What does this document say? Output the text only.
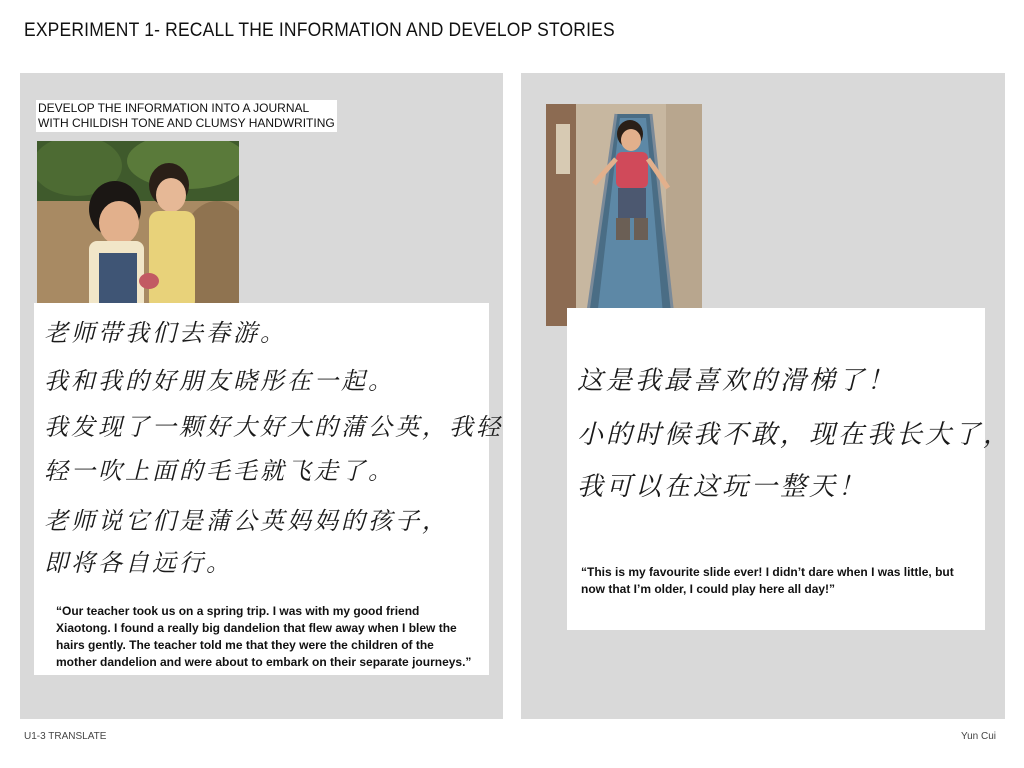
EXPERIMENT 1- RECALL THE INFORMATION AND DEVELOP STORIES
DEVELOP THE INFORMATION INTO A JOURNAL
WITH CHILDISH TONE AND CLUMSY HANDWRITING
老师带我们去春游。
我和我的好朋友晓彤在一起。
我发现了一颗好大好大的蒲公英，我轻
轻一吹上面的毛毛就飞走了。
老师说它们是蒲公英妈妈的孩子，
即将各自远行。
“Our teacher took us on a spring trip. I was with my good friend Xiaotong. I found a really big dandelion that flew away when I blew the hairs gently. The teacher told me that they were the children of the mother dandelion and were about to embark on their separate journeys.”
这是我最喜欢的滑梯了！
小的时候我不敢，现在我长大了，
我可以在这玩一整天！
“This is my favourite slide ever! I didn’t dare when I was little, but now that I’m older, I could play here all day!”
U1-3 TRANSLATE	Yun Cui
